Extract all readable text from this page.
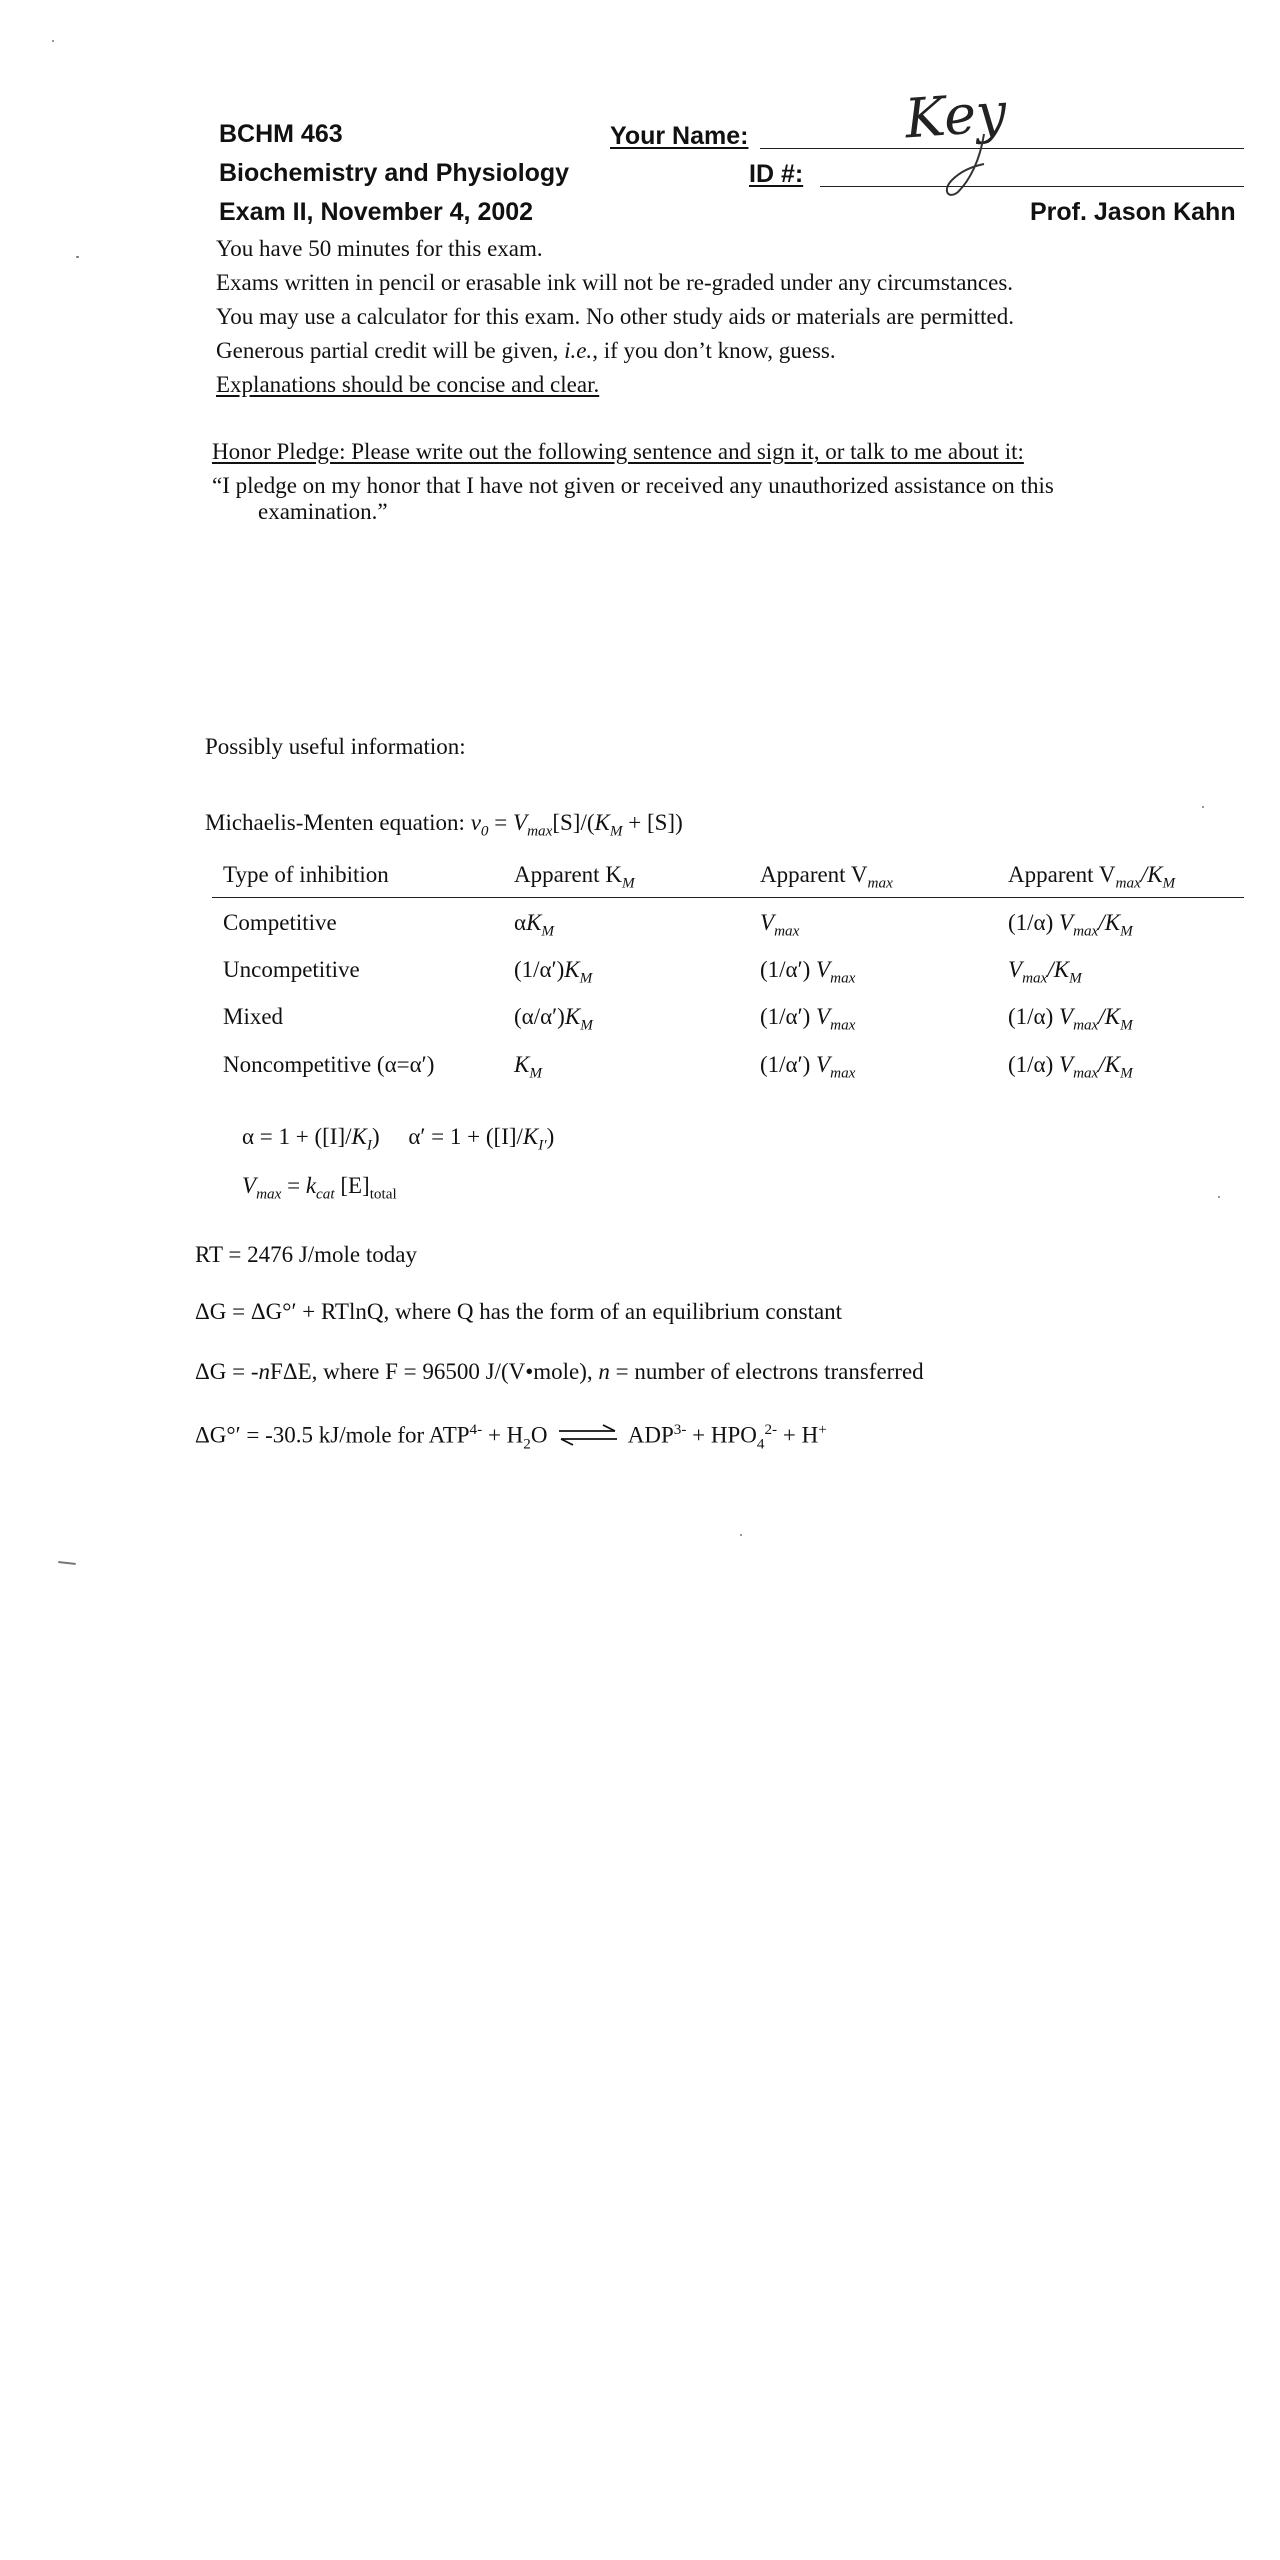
BCHM 463
Biochemistry and Physiology
Exam II, November 4, 2002
Your Name:	Key
ID #:
Prof. Jason Kahn
You have 50 minutes for this exam.
Exams written in pencil or erasable ink will not be re-graded under any circumstances.
You may use a calculator for this exam. No other study aids or materials are permitted.
Generous partial credit will be given, i.e., if you don’t know, guess.
Explanations should be concise and clear.
Honor Pledge: Please write out the following sentence and sign it, or talk to me about it:
“I pledge on my honor that I have not given or received any unauthorized assistance on this
examination.”
Possibly useful information:
Michaelis-Menten equation: $v_0 = V_{max}[S]/(K_M + [S])$
Type of inhibition	Apparent $K_M$	Apparent $V_{max}$	Apparent $V_{max}/K_M$
Competitive	$\alpha K_M$	$V_{max}$	(1/α) $V_{max}/K_M$
Uncompetitive	$(1/\alpha')K_M$	(1/α′) $V_{max}$	$V_{max}/K_M$
Mixed	$(\alpha/\alpha')K_M$	(1/α′) $V_{max}$	(1/α) $V_{max}/K_M$
Noncompetitive (α=α′)	$K_M$	(1/α′) $V_{max}$	(1/α) $V_{max}/K_M$
$\alpha = 1 + ([I]/K_I)$     $\alpha' = 1 + ([I]/K_{I'})$
$V_{max} = k_{cat}$ $[E]_{total}$
RT = 2476 J/mole today
ΔG = ΔG°′ + RTlnQ, where Q has the form of an equilibrium constant
ΔG = -nFΔE, where F = 96500 J/(V•mole), n = number of electrons transferred
ΔG°′ = -30.5 kJ/mole for $ATP^{4-} + H_2O$ ⇌ $ADP^{3-} + HPO_4^{2-} + H^+$
